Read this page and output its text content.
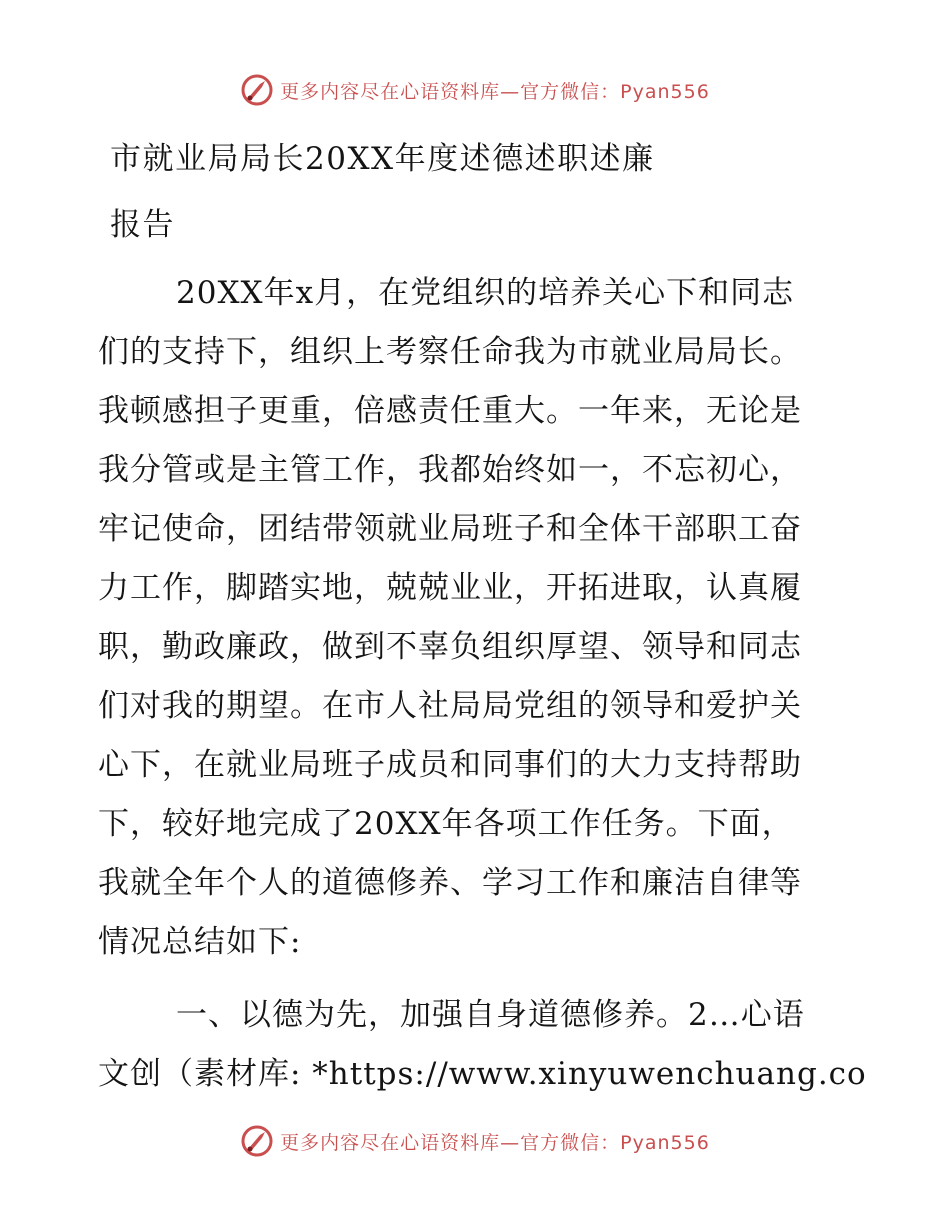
更多内容尽在心语资料库—官方微信：Pyan556
市就业局局长20XX年度述德述职述廉
报告
20XX年x月，在党组织的培养关心下和同志
们的支持下，组织上考察任命我为市就业局局长。
我顿感担子更重，倍感责任重大。一年来，无论是
我分管或是主管工作，我都始终如一，不忘初心，
牢记使命，团结带领就业局班子和全体干部职工奋
力工作，脚踏实地，兢兢业业，开拓进取，认真履
职，勤政廉政，做到不辜负组织厚望、领导和同志
们对我的期望。在市人社局局党组的领导和爱护关
心下，在就业局班子成员和同事们的大力支持帮助
下，较好地完成了20XX年各项工作任务。下面，
我就全年个人的道德修养、学习工作和廉洁自律等
情况总结如下:
一、以德为先，加强自身道德修养。2…心语
文创（素材库: *https://www.xinyuwenchuang.co
更多内容尽在心语资料库—官方微信：Pyan556
